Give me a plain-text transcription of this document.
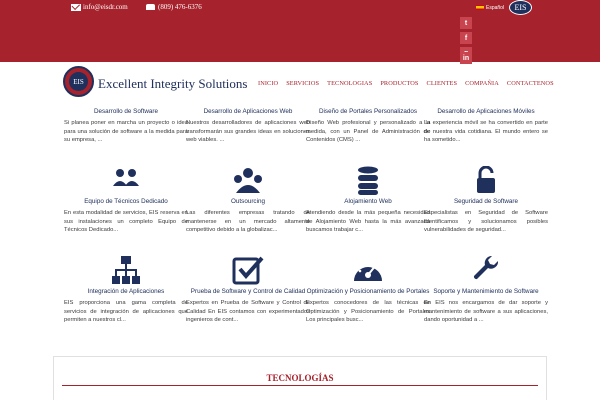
info@eisdr.com	(809) 476-6376	Español	EIS
t
f
in
EIS	Excellent Integrity Solutions INICIO SERVICIOS TECNOLOGIAS PRODUCTOS CLIENTES COMPAÑIA CONTACTENOS
Desarrollo de Software
Si planea poner en marcha un proyecto o idea para una solución de software a la medida para su empresa, ...
Desarrollo de Aplicaciones Web
Nuestros desarrolladores de aplicaciones web transformarán sus grandes ideas en soluciones web viables. ...
Diseño de Portales Personalizados
Diseño Web profesional y personalizado a la medida, con un Panel de Administración de Contenidos (CMS) ...
Desarrollo de Aplicaciones Móviles
La experiencia móvil se ha convertido en parte de nuestra vida cotidiana. El mundo entero se ha sometido...
Equipo de Técnicos Dedicado
En esta modalidad de servicios, EIS reserva en sus instalaciones un completo Equipo de Técnicos Dedicado...
Outsourcing
Las diferentes empresas tratando de mantenerse en un mercado altamente competitivo debido a la globalizac...
Alojamiento Web
Atendiendo desde la más pequeña necesidad de Alojamiento Web hasta la más avanzada buscamos trabajar c...
Seguridad de Software
Especialistas en Seguridad de Software Identificamos y solucionamos posibles vulnerabilidades de seguridad...
Integración de Aplicaciones
EIS proporciona una gama completa de servicios de integración de aplicaciones que permiten a nuestros cl...
Prueba de Software y Control de Calidad
Expertos en Prueba de Software y Control de Calidad En EIS contamos con experimentados ingenieros de cont...
Optimización y Posicionamiento de Portales
Expertos conocedores de las técnicas de Optimización y Posicionamiento de Portales Los principales busc...
Soporte y Mantenimiento de Software
En EIS nos encargamos de dar soporte y mantenimiento de software a sus aplicaciones, dando oportunidad a ...
TECNOLOGÍAS
